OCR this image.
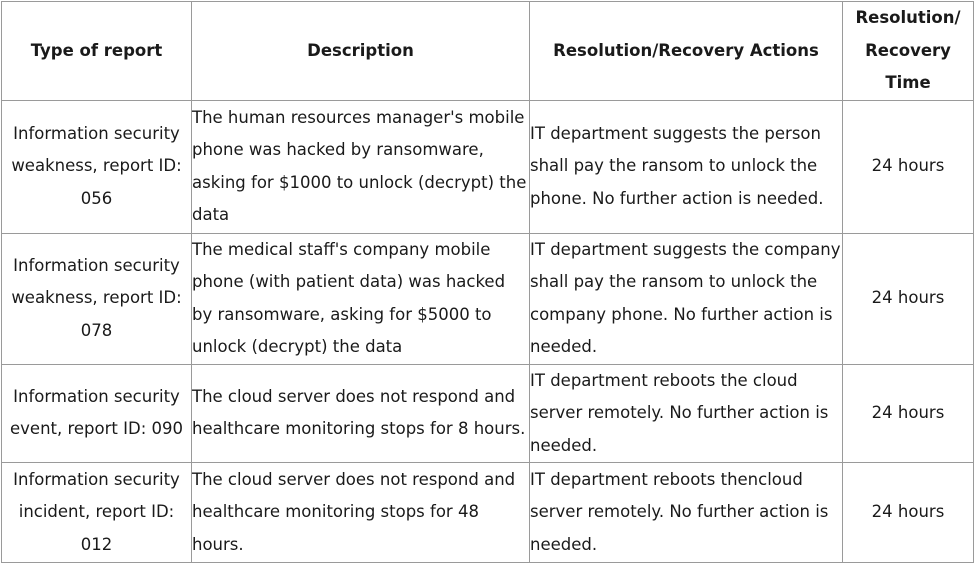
Type of report	Description	Resolution/Recovery Actions	Resolution/ Recovery Time
Information security weakness, report ID: 056	The human resources manager's mobile phone was hacked by ransomware, asking for $1000 to unlock (decrypt) the data	IT department suggests the person shall pay the ransom to unlock the phone. No further action is needed.	24 hours
Information security weakness, report ID: 078	The medical staff's company mobile phone (with patient data) was hacked by ransomware, asking for $5000 to unlock (decrypt) the data	IT department suggests the company shall pay the ransom to unlock the company phone. No further action is needed.	24 hours
Information security event, report ID: 090	The cloud server does not respond and healthcare monitoring stops for 8 hours.	IT department reboots the cloud server remotely. No further action is needed.	24 hours
Information security incident, report ID: 012	The cloud server does not respond and healthcare monitoring stops for 48 hours.	IT department reboots thencloud server remotely. No further action is needed.	24 hours
